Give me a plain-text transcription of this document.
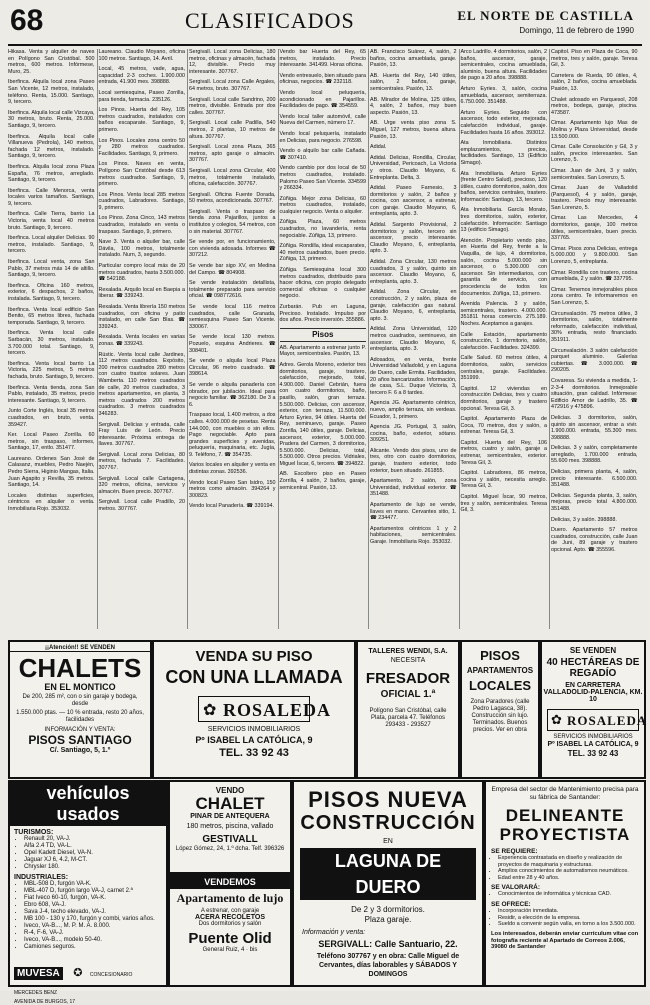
68	CLASIFICADOS	EL NORTE DE CASTILLA
Domingo, 11 de febrero de 1990
Hikasa. Venta y alquiler de naves en Polígono San Cristóbal. 500 metros, 600 metros. Infórmese, Muro, 25.
Iberfinca. Alquila local zona Paseo San Vicente, 12 metros, instalado, teléfono. Renta, 15.000. Santiago, 9, tercero.
Iberfinca. Alquila local calle Vizcaya, 30 metros, bruto. Renta, 25.000. Santiago, 9, tercero.
Iberfinca. Alquila local calle Villanueva (Pedrola), 140 metros, fachada 12 metros, instalado. Santiago, 9, tercero.
Iberfinca. Alquila local zona Plaza España, 76 metros, arreglado. Santiago, 9, tercero.
Iberfinca. Calle Menorca, venta locales varios tamaños. Santiago, 9, tercero.
Iberfinca. Calle Tierra, barrio La Victoria, venta local 40 metros bruto. Santiago, 9, tercero.
Iberfinca. Local alquiler Delicias. 90 metros, instalado. Santiago, 9, tercero.
Iberfinca. Local venta, zona San Pablo, 37 metros más 14 de altillo. Santiago, 9, tercero.
Iberfinca. Oficina 160 metros, exterior, 6 despachos, 2 baños, instalada. Santiago, 9, tercero.
Iberfinca. Venta local edificio San Benito, 65 metros libres, fachada temporada. Santiago, 9, tercero.
Iberfinca. Venta local calle Sarbacán, 30 metros, instalado. 3.700.000 total. Santiago, 9, tercero.
Iberfinca. Venta local barrio La Victoria, 225 metros, 5 metros fachada, bruto. Santiago, 9, tercero.
Iberfinca. Venta tienda, zona San Pablo, instalado, 35 metros, precio interesante. Santiago, 9, tercero.
Junto Corte Inglés, local 35 metros cuadrados, en bruto, venta. 359427.
Ker. Local Paseo Zorrilla. 60 metros, sin traspaso, informes, Santiago, 17, entlo. 351477.
Laureano. Ordenes San José de Calasanz, muebles, Pedro Naején, Pedro Sierra, Higinio Mangas, Italia. Juan Agapito y Revilla, 35 metros. Santiago, 14.
Locales distintas superficies, céntricos en alquiler o venta. Inmobiliaria Rojo. 353032.
Laureano. Claudio Moyano, oficina 100 metros. Santiago, 14. Avril.
Local, 45 metros, vade, agua, capacidad 2-3 coches. 1.900.000 entrada, 41.900 mes. 398888.
Local semiesquina, Paseo Zorrilla, para tienda, farmacia. 235126.
Los Pinos. Huerta del Rey, 105 metros cuadrados, instalados con baños escaparate. Santiago, 9, primero.
Los Pinos. Locales zona centro 50 y 280 metros cuadrados. Facilidades. Santiago, 9, primero.
Los Pinos. Naves en venta, Polígono San Cristóbal desde 613 metros cuadrados. Santiago, 9, primero.
Los Pinos. Venta local 285 metros cuadrados, Labradores. Santiago, 9, primero.
Los Pinos. Zona Cinco, 143 metros cuadrados, instalado en venta o traspaso. Santiago, 9, primero.
Nave 3. Venta o alquiler bar, calle Dávila, 100 metros, totalmente instalado. Nurn, 3, segundo.
Particular compro local más de 20 metros cuadrados, hasta 3.500.000. ☎ 542188.
Rexalada. Arquilo local en Baepia a liberar. ☎ 339243.
Rexalada. Venta librería 150 metros cuadrados, con oficina y patio instalado, en calle San Blas. ☎ 339243.
Rexalada. Venta locales en varias zonas. ☎ 339243.
Rústic. Venta local calle Jardines, 112 metros cuadrados. Expósito, 200 metros cuadrados 280 metros con cuatro trastos solares. Juan Wamberta. 110 metros cuadrados de calle, 20 metros cuadrados, 3 metros apartamentos, en planta, 3 metros cuadrados 200 metros cuadrados. 3 metros cuadrados 346283.
Sergivall. Delicias y entrada, calle Fray Luis de León. Precio interesante. Próxima entrega de llaves. 307767.
Sergivall. Local zona Delicias, 80 metros, fachada 7. Facilidades. 307767.
Sergivall. Local calle Cartagena, 320 metros, oficina, servicios y almacén. Buen precio. 307767.
Sergivall. Local calle Pradillo, 20 metros. 307767.
Sergivall. Local zona Delicias, 180 metros, oficinas y almacén, fachada 12, divisible. Precio muy interesante. 307767.
Sergivall. Local zona Calle Argales, 64 metros, bruto. 307767.
Sergivall. Local calle Sandrino, 200 metros, divisible. Entrada por dos calles. 307767.
Sergivall. Local calle Padilla, 540 metros, 2 plantas, 10 metros de altura. 307767.
Sergivall. Local zona Plaza, 365 metros, apto garaje o almacén. 307767.
Sergivall. Local zona Circular, 400 metros, totalmente instalado, oficina, calefacción. 307767.
Sergivall. Oficina Fuente Dorada, 50 metros, acondicionada. 307767.
Sergivall. Venta o traspaso de tienda zona Pajarillos, juntos a institutos y colegios, 54 metros, con o sin material. 307767.
Se vende por, en funcionamiento, con vivienda adosada. Informes ☎ 307212.
Se vende bar sigo XV, en Medina del Campo. ☎ 804908.
Se vende instalación detallista, totalmente preparado para servicio oficial. ☎ 098772616.
Se vende local 116 metros cuadrados, calle Granada, semiesquina Paseo San Vicente. 330067.
Se vende local 130 metros. Pozuelo, esquina Andrieres. ☎ 308401.
Se vende o alquila local Plaza Circular, 96 metro cuadrado. ☎ 398614.
Se vende o alquila panadería con obrador, por jubilación. Ideal para negocio familiar. ☎ 362180. De 3 a 6.
Traspaso local, 1.400 metros, a dos calles. 4.000.000 de pesetas. Renta 144.000, con muebles o sin ellos. Pago negociable. Apto para grandes superficies y avenidas, peluquería, maquinaria, etc. Jugía, 9. Teléfono, 7. ☎ 354735.
Varios locales en alquiler y venta en distintas zonas. 392536.
Vendo local Paseo San Isidro, 150 metros como almacén. 394264 y 300823.
Vendo local Panadería. ☎ 339194.
Vendo bar Huerta del Rey, 65 metros, instalado. Precio interesante. 341499. Horas oficina.
Vendo entresuelo, bien situado para oficinas, negocios. ☎ 232118.
Vendo local peluquería, acondicionado en Pajarillos. Facilidades de pago. ☎ 354559.
Vendo local taller automóvil, calle Nueva del Carmen, número 17.
Vendo local peluquería, instalado en Delicias, para negocio. 276598.
Vendo o alquilo bar calle Cañada. ☎ 307410.
Vendo cambio por dos local de 50 metros cuadrados, instalado. Palomo Paseo San Vicente. 334599 y 266334.
Zúñiga. Mejor zona Delicias, 60 metros cuadrados, instalado, cualquier negocio. Venta o alquiler.
Zúñiga. Plaza, 60 metros cuadrados, no lavandería, renta negociable. Zúñiga, 13, primero.
Zúñiga. Rondilla, ideal escaparates, 40 metros cuadrados, buen precio. Zúñiga, 13, primero.
Zúñiga. Semiesquina local 300 metros cuadrados, distribuido para hacer oficina, con propio delegado comercial oficinas o cualquier negocio.
Zurbarán. Pub en Laguna, Precioso. Instalado. Impulso por dos años. Precio inversión. 355886.
Pisos
AB. Apartamento a estrenar junto P. Mayor, semicentrales. Pasión, 13.
Adres. Gerola Moreno, exterior tres dormitorios, garaje, trastero, calefacción, mejorado, total, 4.900.000. Daniel Cebrián, fuera con cuatro dormitorios, baño, pasillo, salón, gran terraza. 5.500.000. Delicias, con ascensor, exterior, con terraza, 11.500.000. Arturo Eyries, 94 útiles. Huerta del Rey, seminuevo, garaje. Paseo Zorrilla, 140 útiles, garaje. Delicias, ascensor, exterior, 5.000.000. Pradera del Carmen, 3 dormitorios, 5.500.000. Delicias, total, 5.500.000. Otros precios. Vidriales, Miguel Íscar, 6, tercero. ☎ 394822.
AB. Escoltero piso en Paseo Zorrilla, 4 salón, 2 baños, garaje, semicentral. Pasión, 13.
AB. Francisco Suárez, 4, salón, 2 baños, cocina amueblada, garaje. Pasión, 13.
AB. Huerta del Rey, 140 útiles, salón, 2 baños, garaje, semicentrales. Pasión, 13.
AB. Mirador de Molina, 125 útiles, 4, salón, 2 baños, muy buen aspecto. Pasión, 13.
AB. Urge venta piso zona S. Miguel, 127 metros, buena altura. Pasión, 13.
Adidal.
Adidal. Delicias, Rondilla, Circular, Universidad, Pericoach, La Victoria y otros. Claudio Moyano, 6. Entreplanta. Delta, 3.
Adidal. Paseo Farnesio, 3 dormitorios y salón, 2 baños y cocina, con ascensor, a estrenar, con garaje. Claudio Moyano, 6, entreplanta, apto. 3.
Adidal. Sargento Provisional, 2 dormitorios y salón, tercero sin ascensor, precio interesante. Claudio Moyano, 6, entreplanta, apto. 3.
Adidal. Zona Circular, 130 metros cuadrados, 3 y salón, quinto sin ascensor. Claudio Moyano, 6, entreplanta, apto. 3.
Adidal. Zona Circular, en construcción, 2 y salón, plaza de garaje, calefacción gas natural. Claudio Moyano, 6, entreplanta, apto. 3.
Adidal. Zona Universidad, 120 metros cuadrados, seminuevo, sin ascensor. Claudio Moyano, 6, entreplanta, apto. 3.
Adosados, en venta, frente Universidad Valladolid, y en Laguna de Duero, calle Ermita. Facilidades, 20 años bancarizados. Información, de casa, S.L. Duque Victoria, 3, tercero F. 6 a 8 tardes.
Agencia JG. Apartamento céntrico, nuevo, amplio terraza, sin verdeas. Ecuador, 1, primero.
Agencia JG. Portugal, 3, salón, cocina, baño, exterior, sótano. 309251.
Alicante. Vendo dos pisos, uno de tres, otro con cuatro dormitorios, garaje, trastero exterior, todo exterior, buen situado. 261855.
Apartamento, 2 salón, zona Universidad, individual exterior. ☎ 351488.
Apartamento de lujo se vende, llaves en mano. Cervantes sitio, 1. ☎ 234477.
Apartamentos céntricos 1 y 2 habitaciones, semicentrales. Garaje. Inmobiliaria Rojo. 353032.
Arco Ladrillo. 4 dormitorios, salón, 2 baños, ascensor, garaje, semicentrales, cocina amueblada, aluminio, buena altura. Facilidades de pago a 20 años. 398888.
Arturo Eyries. 3, salón, cocina amueblada, ascensor, semiterraza. 6.750.000. 351488.
Arturo Eyries. Seguido con ascensor, todo exterior, mejorada, calefacción individual, garaje. Facilidades hasta 16 años. 393012.
Ata Inmobiliaria. Distintos emplazamientos, precios, facilidades. Santiago, 13 (Edificio Simago).
Ata Inmobiliaria. Arturo Eyries (frente Centro Salud), precioso, 120 útiles, cuatro dormitorios, salón, dos baños, servicios centrales, trastero. Información: Santiago, 13, tercero.
Ata Inmobiliaria. García Morato, tres dormitorios, salón, exterior, calefacción. Información: Santiago 13 (edificio Simago).
Atención. Propietario vendo piso, en Huerta del Rey, frente a la Vaquilla, de lujo, 4 dormitorios, salón, cocina 5.000.000 sin ascensor, o 5.300.000 con ascensor. Sin intermediarios, con garantía de servicio, con procedencia de todos los documentos. Zúñiga, 13, primero.
Avenida Palencia. 3 y salón, semicentrales, trastero. 4.000.000. 351811 horas comercio. 275.189. Noches. Aceptamos a garajes.
Calle Estación, apartamento construcción, 1 dormitorio, salón, calefacción. Facilidades. 324399.
Calle Salud. 60 metros útiles, 4 dormitorios, salón, servicios centrales, garaje. Facilidades. 351999.
Capitol. 12 viviendas en construcción Delicias, tres y cuatro dormitorios, garaje y trastero opcional. Teresa Gil, 3.
Capitol. Apartamento Plaza de Coca, 70 metros, dos y salón, a estrenar. Teresa Gil, 3.
Capitol. Huerta del Rey, 106 metros, cuatro y salón, garaje a estrenar, semicentrales, exterior. Teresa Gil, 3.
Capitol. Labradores, 86 metros, cocina y salón, necesita arreglo. Teresa Gil, 3.
Capitol. Miguel Íscar, 90 metros, tres y salón, semicentrales. Teresa Gil, 3.
Capitol. Piso en Plaza de Coca, 90 metros, tres y salón, garaje. Teresa Gil, 3.
Carretera de Rueda, 90 útiles, 4, salón, 2 baños, cocina amueblada. Pasión, 13.
Chalet adosado en Parquesol, 208 metros, bodega, garaje, piscina. 473587.
Cimar. Apartamento lujo Mas de Molina y Plaza Universidad, desde 13.500.000.
Cimar. Calle Consolación y Gil, 3 y salón, precios interesantes. San Lorenzo, 5.
Cimar. Juan de Juni, 3 y salón, semicentrales. San Lorenzo, 5.
Cimar. Juan de Valladolid (Parquesol), 4 y salón, garaje, trastero. Precio muy interesante. San Lorenzo, 5.
Cimar. Las Mercedes, 4 dormitorios, garaje, 100 metros útiles, semicentrales, buen precio. 337765.
Cimar. Pisos zona Delicias, entrega 5.000.000 y 9.800.000. San Lorenzo, 5, entreplanta.
Cimar. Rondilla con trastero, cocina amueblada, 2 y salón. ☎ 337795.
Cimar. Tenemos inmejorables pisos zona centro. Te informaremos en San Lorenzo, 5.
Circunvalación. 75 metros útiles, 3 dormitorios, salón, totalmente reformado, calefacción individual, 30% entrada, resto financiado. 351911.
Circunvalación. 3 salón calefacción parquet aluminio. Galerías cubiertas. ☎ 3.000.000. ☎ 290205.
Covaresa. Su vivienda a medida, 1-2-3-4 dormitorios. Inmejorable situación, gran calidad. Infórmese: Edificio Amor de Ladrillo, 35. ☎ 472916 y 475896.
Delicias. 3 dormitorios, salón, quinto sin ascensor, entrar a vivir. 1.900.000. entrada, 55.300 mes. 398888.
Delicias. 3 y salón, completamente arreglado, 1.700.000 entrada, 55.600 mes. 398888.
Delicias, primera planta, 4, salón, precio interesante. 6.500.000. 351488.
Delicias. Segunda planta, 3, salón, mejoras, precio total 4.800.000. 351488.
Delicias, 3 y salón. 398888.
Duero. Apartamento 57 metros cuadrados, construcción, calle Juan de Juni, 89 garaje y trastero opcional. Apto. ☎ 355596.
¡¡Atención!! SE VENDEN
CHALETS
EN EL MONTICO
De 200, 285 m², con o sin garaje y bodega, desde
1.550.000 ptas. — 10 % entrada, resto 20 años, facilidades
INFORMACIÓN Y VENTA:
PISOS SANTIAGO
C/. Santiago, 5, 1.º
VENDA SU PISO
CON UNA LLAMADA
✿ ROSALEDA
SERVICIOS INMOBILIARIOS
Pº ISABEL LA CATÓLICA, 9
TEL. 33 92 43
TALLERES WENDI, S.A.
NECESITA
FRESADOR
OFICIAL 1.ª
Polígono San Cristóbal, calle Plata, parcela 47. Teléfonos 293433 - 293527
PISOS
APARTAMENTOS
LOCALES
Zona Paradores (calle Pedro Lagasca, 38). Construcción sin lujo. Terminados. Buenos precios. Ver en obra
SE VENDEN
40 HECTÁREAS DE REGADÍO
EN CARRETERA VALLADOLID-PALENCIA, KM. 10
✿ ROSALEDA
SERVICIOS INMOBILIARIOS
Pº ISABEL LA CATÓLICA, 9
TEL. 33 92 43
vehículos
usados
TURISMOS:
• Renault 20, VA-J.
• Alfa 2.4 TD, VA-L.
• Opel Kadett Diesel, VA-N.
• Jaguar XJ 6, 4.2, M-CT.
• Chrysler 180.
INDUSTRIALES:
• MBL-508 D, furgón VA-K.
• MBL-407 D, furgón largo VA-J, carnet 2.ª
• Fiat Iveco 60-10, furgón, VA-K.
• Ebro 608, VA-J.
• Sava J-4, techo elevado, VA-J.
• MB 100 - 130 y 170, furgón y combi, varios años.
• Iveco, VA-B..., M. P. M. A. 8.000.
• R-4, F-6, VA-J.
• Iveco, VA-B..., modelo 50-40.
• Camiones seguros.
MUVESA ✪ CONCESIONARIO MERCEDES BENZ
AVENIDA DE BURGOS, 17
VENDO
CHALET
PINAR DE ANTEQUERA
180 metros, piscina, vallado
GESTIVALL
López Gómez, 24, 1.º dcha. Telf. 396326
VENDEMOS
Apartamento de lujo
A estrenar, con garaje
ACERA RECOLETOS
Dos dormitorios y salón
Puente Olid
General Ruiz, 4 · bis
PISOS NUEVA
CONSTRUCCIÓN
EN
LAGUNA DE DUERO
De 2 y 3 dormitorios.
Plaza garaje.
Información y venta:
SERGIVALL: Calle Santuario, 22.
Teléfono 307767 y en obra: Calle Miguel de Cervantes, días laborables y SÁBADOS Y DOMINGOS
Empresa del sector de Mantenimiento precisa para su fábrica de Santander:
DELINEANTE PROYECTISTA
SE REQUIERE:
• Experiencia contrastada en diseño y realización de proyectos de maquinaria y estructuras.
• Amplios conocimientos de automatismos neumáticos.
• Edad entre 28 y 40 años.
SE VALORARÁ:
• Conocimientos de informática y técnicas CAD.
SE OFRECE:
• Incorporación inmediata.
• Residir, a elección de la empresa.
• Sueldo a convenir según valía, en torno a los 3.500.000.
Los interesados, deberán enviar currículum vitae con fotografía reciente al Apartado de Correos 2.006, 39080 de Santander
